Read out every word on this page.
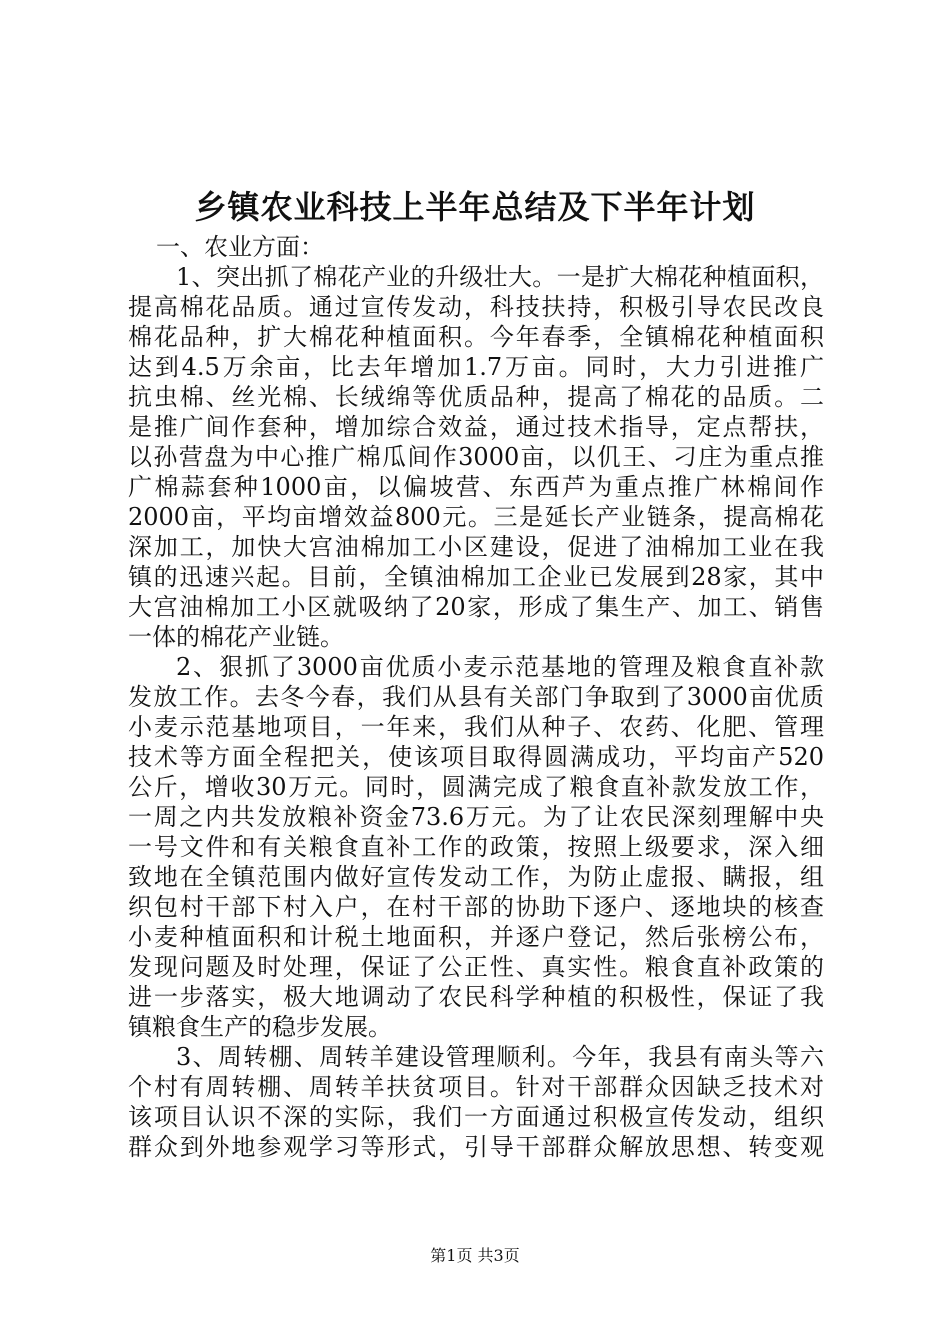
乡镇农业科技上半年总结及下半年计划
一、农业方面：
1、突出抓了棉花产业的升级壮大。一是扩大棉花种植面积，
提高棉花品质。通过宣传发动，科技扶持，积极引导农民改良
棉花品种，扩大棉花种植面积。今年春季，全镇棉花种植面积
达到4.5万余亩，比去年增加1.7万亩。同时，大力引进推广
抗虫棉、丝光棉、长绒绵等优质品种，提高了棉花的品质。二
是推广间作套种，增加综合效益，通过技术指导，定点帮扶，
以孙营盘为中心推广棉瓜间作3000亩，以仉王、刁庄为重点推
广棉蒜套种1000亩，以偏坡营、东西芦为重点推广林棉间作
2000亩，平均亩增效益800元。三是延长产业链条，提高棉花
深加工，加快大宫油棉加工小区建设，促进了油棉加工业在我
镇的迅速兴起。目前，全镇油棉加工企业已发展到28家，其中
大宫油棉加工小区就吸纳了20家，形成了集生产、加工、销售
一体的棉花产业链。
2、狠抓了3000亩优质小麦示范基地的管理及粮食直补款
发放工作。去冬今春，我们从县有关部门争取到了3000亩优质
小麦示范基地项目，一年来，我们从种子、农药、化肥、管理
技术等方面全程把关，使该项目取得圆满成功，平均亩产520
公斤，增收30万元。同时，圆满完成了粮食直补款发放工作，
一周之内共发放粮补资金73.6万元。为了让农民深刻理解中央
一号文件和有关粮食直补工作的政策，按照上级要求，深入细
致地在全镇范围内做好宣传发动工作，为防止虚报、瞒报，组
织包村干部下村入户，在村干部的协助下逐户、逐地块的核查
小麦种植面积和计税土地面积，并逐户登记，然后张榜公布，
发现问题及时处理，保证了公正性、真实性。粮食直补政策的
进一步落实，极大地调动了农民科学种植的积极性，保证了我
镇粮食生产的稳步发展。
3、周转棚、周转羊建设管理顺利。今年，我县有南头等六
个村有周转棚、周转羊扶贫项目。针对干部群众因缺乏技术对
该项目认识不深的实际，我们一方面通过积极宣传发动，组织
群众到外地参观学习等形式，引导干部群众解放思想、转变观
第1页 共3页
